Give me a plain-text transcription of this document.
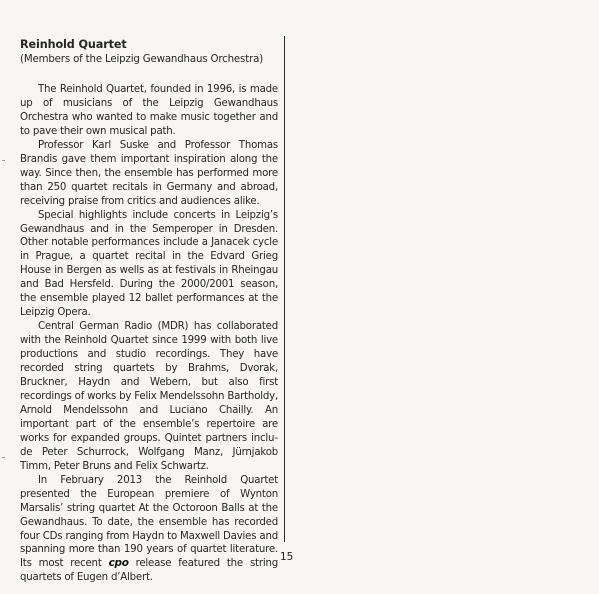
Reinhold Quartet
(Members of the Leipzig Gewandhaus Orchestra)

The Reinhold Quartet, founded in 1996, is made up of musicians of the Leipzig Gewandhaus Orchestra who wanted to make music together and to pave their own musical path.

Professor Karl Suske and Professor Thomas Brandis gave them important inspiration along the way. Since then, the ensemble has performed more than 250 quartet recitals in Germany and abroad, receiving praise from critics and audiences alike.

Special highlights include concerts in Leipzig’s Gewandhaus and in the Semperoper in Dresden. Other notable performances include a Janacek cycle in Prague, a quartet recital in the Edvard Grieg House in Bergen as wells as at festivals in Rheingau and Bad Hersfeld. During the 2000/2001 season, the ensemble played 12 ballet performances at the Leipzig Opera.

Central German Radio (MDR) has collaborated with the Reinhold Quartet since 1999 with both live productions and studio recordings. They have recorded string quartets by Brahms, Dvorak, Bruckner, Haydn and Webern, but also first recordings of works by Felix Mendelssohn Bartholdy, Arnold Mendelssohn and Luciano Chailly. An important part of the ensemble’s repertoire are works for expanded groups. Quintet partners include Peter Schurrock, Wolfgang Manz, Jürnjakob Timm, Peter Bruns and Felix Schwartz.

In February 2013 the Reinhold Quartet presented the European premiere of Wynton Marsalis’ string quartet At the Octoroon Balls at the Gewandhaus. To date, the ensemble has recorded four CDs ranging from Haydn to Maxwell Davies and spanning more than 190 years of quartet literature. Its most recent cpo release featured the string quartets of Eugen d’Albert.

15
